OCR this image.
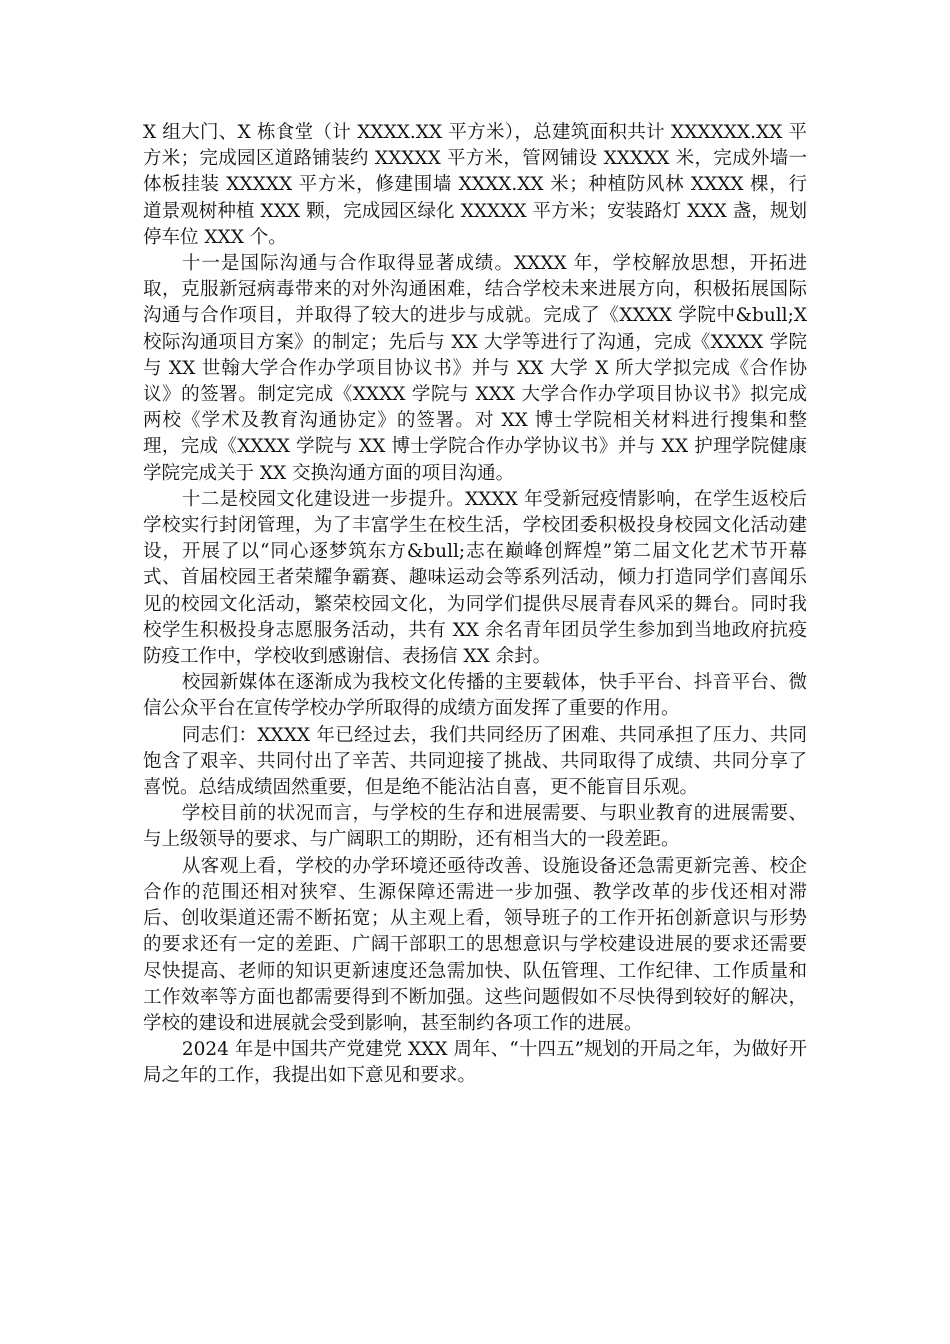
X 组大门、X 栋食堂（计 XXXX.XX 平方米），总建筑面积共计 XXXXXX.XX 平方米；完成园区道路铺装约 XXXXX 平方米，管网铺设 XXXXX 米，完成外墙一体板挂装 XXXXX 平方米，修建围墙 XXXX.XX 米；种植防风林 XXXX 棵，行道景观树种植 XXX 颗，完成园区绿化 XXXXX 平方米；安装路灯 XXX 盏，规划停车位 XXX 个。

十一是国际沟通与合作取得显著成绩。XXXX 年，学校解放思想，开拓进取，克服新冠病毒带来的对外沟通困难，结合学校未来进展方向，积极拓展国际沟通与合作项目，并取得了较大的进步与成就。完成了《XXXX 学院中&bull;X 校际沟通项目方案》的制定；先后与 XX 大学等进行了沟通，完成《XXXX 学院与 XX 世翰大学合作办学项目协议书》并与 XX 大学 X 所大学拟完成《合作协议》的签署。制定完成《XXXX 学院与 XXX 大学合作办学项目协议书》拟完成两校《学术及教育沟通协定》的签署。对 XX 博士学院相关材料进行搜集和整理，完成《XXXX 学院与 XX 博士学院合作办学协议书》并与 XX 护理学院健康学院完成关于 XX 交换沟通方面的项目沟通。

十二是校园文化建设进一步提升。XXXX 年受新冠疫情影响，在学生返校后学校实行封闭管理，为了丰富学生在校生活，学校团委积极投身校园文化活动建设，开展了以“同心逐梦筑东方&bull;志在巅峰创辉煌”第二届文化艺术节开幕式、首届校园王者荣耀争霸赛、趣味运动会等系列活动，倾力打造同学们喜闻乐见的校园文化活动，繁荣校园文化，为同学们提供尽展青春风采的舞台。同时我校学生积极投身志愿服务活动，共有 XX 余名青年团员学生参加到当地政府抗疫防疫工作中，学校收到感谢信、表扬信 XX 余封。

校园新媒体在逐渐成为我校文化传播的主要载体，快手平台、抖音平台、微信公众平台在宣传学校办学所取得的成绩方面发挥了重要的作用。

同志们：XXXX 年已经过去，我们共同经历了困难、共同承担了压力、共同饱含了艰辛、共同付出了辛苦、共同迎接了挑战、共同取得了成绩、共同分享了喜悦。总结成绩固然重要，但是绝不能沾沾自喜，更不能盲目乐观。

学校目前的状况而言，与学校的生存和进展需要、与职业教育的进展需要、与上级领导的要求、与广阔职工的期盼，还有相当大的一段差距。

从客观上看，学校的办学环境还亟待改善、设施设备还急需更新完善、校企合作的范围还相对狭窄、生源保障还需进一步加强、教学改革的步伐还相对滞后、创收渠道还需不断拓宽；从主观上看，领导班子的工作开拓创新意识与形势的要求还有一定的差距、广阔干部职工的思想意识与学校建设进展的要求还需要尽快提高、老师的知识更新速度还急需加快、队伍管理、工作纪律、工作质量和工作效率等方面也都需要得到不断加强。这些问题假如不尽快得到较好的解决，学校的建设和进展就会受到影响，甚至制约各项工作的进展。

2024 年是中国共产党建党 XXX 周年、“十四五”规划的开局之年，为做好开局之年的工作，我提出如下意见和要求。
